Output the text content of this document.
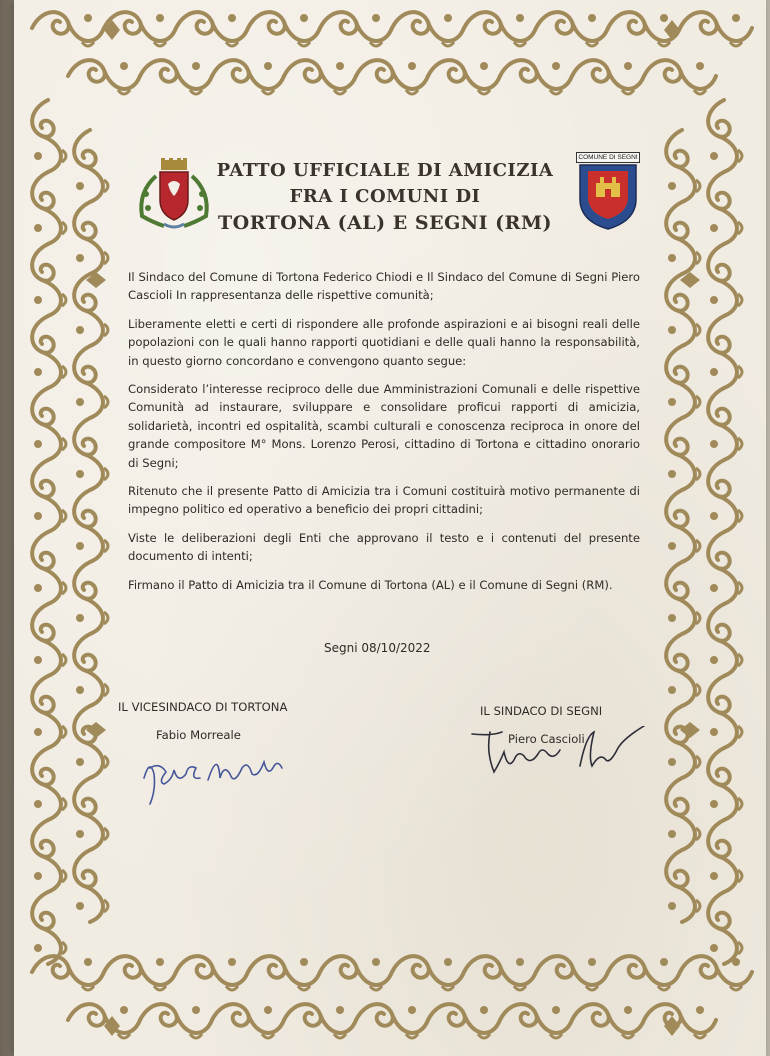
COMUNE DI SEGNI
PATTO UFFICIALE DI AMICIZIA
FRA I COMUNI DI
TORTONA (AL) E SEGNI (RM)

Il Sindaco del Comune di Tortona Federico Chiodi e Il Sindaco del Comune di Segni Piero Cascioli In rappresentanza delle rispettive comunità;

Liberamente eletti e certi di rispondere alle profonde aspirazioni e ai bisogni reali delle popolazioni con le quali hanno rapporti quotidiani e delle quali hanno la responsabilità, in questo giorno concordano e convengono quanto segue:

Considerato l’interesse reciproco delle due Amministrazioni Comunali e delle rispettive Comunità ad instaurare, sviluppare e consolidare proficui rapporti di amicizia, solidarietà, incontri ed ospitalità, scambi culturali e conoscenza reciproca in onore del grande compositore M° Mons. Lorenzo Perosi, cittadino di Tortona e cittadino onorario di Segni;

Ritenuto che il presente Patto di Amicizia tra i Comuni costituirà motivo permanente di impegno politico ed operativo a beneficio dei propri cittadini;

Viste le deliberazioni degli Enti che approvano il testo e i contenuti del presente documento di intenti;

Firmano il Patto di Amicizia tra il Comune di Tortona (AL) e il Comune di Segni (RM).

Segni 08/10/2022
IL VICESINDACO DI TORTONA
Fabio Morreale
IL SINDACO DI SEGNI
Piero Cascioli
